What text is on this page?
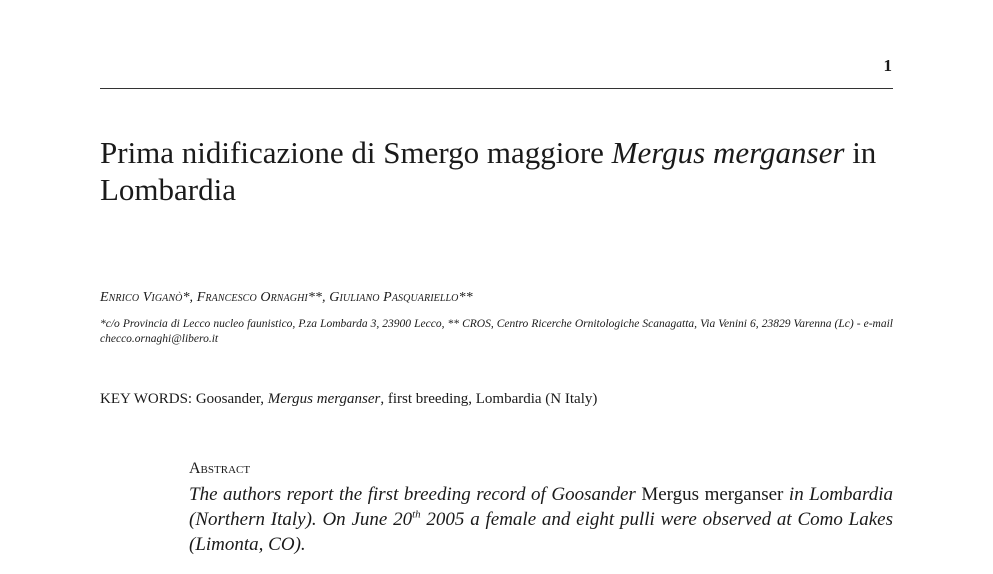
1
Prima nidificazione di Smergo maggiore Mergus merganser in Lombardia
Enrico Viganò*, Francesco Ornaghi**, Giuliano Pasquariello**
*c/o Provincia di Lecco nucleo faunistico, P.za Lombarda 3, 23900 Lecco, ** CROS, Centro Ricerche Ornitologiche Scanagatta, Via Venini 6, 23829 Varenna (Lc) - e-mail checco.ornaghi@libero.it
KEY WORDS: Goosander, Mergus merganser, first breeding, Lombardia (N Italy)
Abstract
The authors report the first breeding record of Goosander Mergus merganser in Lombardia (Northern Italy). On June 20th 2005 a female and eight pulli were observed at Como Lakes (Limonta, CO).
